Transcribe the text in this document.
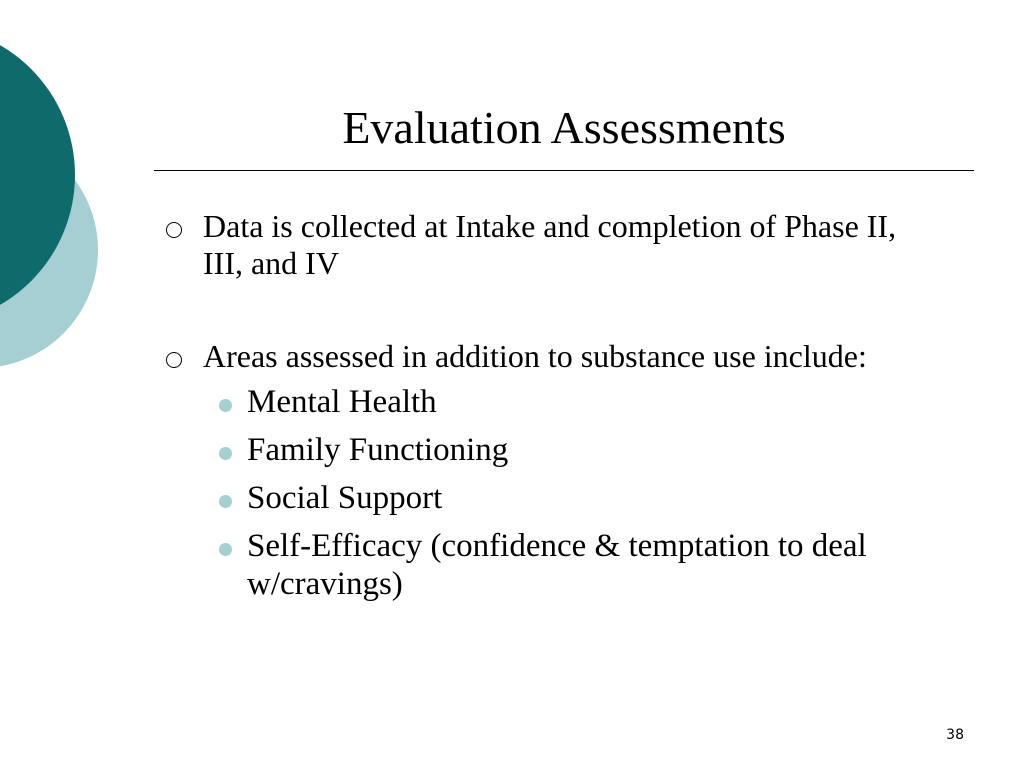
Evaluation Assessments
Data is collected at Intake and completion of Phase II, III, and IV
Areas assessed in addition to substance use include:
Mental Health
Family Functioning
Social Support
Self-Efficacy (confidence & temptation to deal w/cravings)
38
